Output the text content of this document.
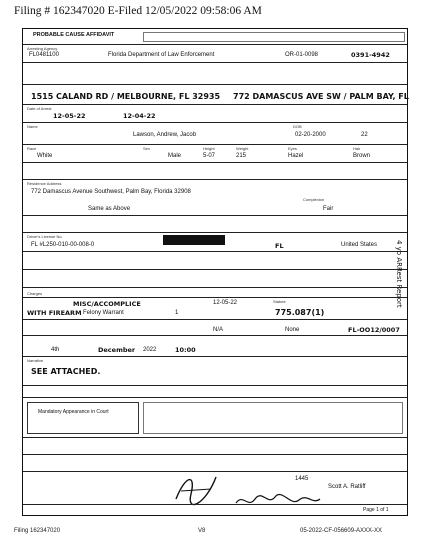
Filing # 162347020 E-Filed 12/05/2022 09:58:06 AM
PROBABLE CAUSE AFFIDAVIT
Arresting Agency
FL0481100	Florida Department of Law Enforcement	OR-01-0098	0391-4942
1515 CALAND RD / MELBOURNE, FL 32935 772 DAMASCUS AVE SW / PALM BAY, FL
Date of Arrest
12-05-22	12-04-22
Name
Lawson, Andrew, Jacob
DOB
02-20-2000	22
Race
White
Sex
Male
Height
5-07
Weight
215
Eyes
Hazel
Hair
Brown
Residence Address
772 Damascus Avenue Southwest, Palm Bay, Florida 32908
Same as Above
Complexion
Fair
Driver's License No.
FL #L250-010-00-008-0	FL	United States
Charges
MISC/ACCOMPLICE
WITH FIREARM Felony Warrant	1
12-05-22	Statute
775.087(1)
N/A	None	FL-OO12/0007
4th	December 2022	10:00
Narrative
SEE ATTACHED.
Mandatory Appearance in Court
1445
Scott A. Ratliff
Page 1 of 1
4 yo ARRest Report
Filing 162347020	V8	05-2022-CF-056609-AXXX-XX
